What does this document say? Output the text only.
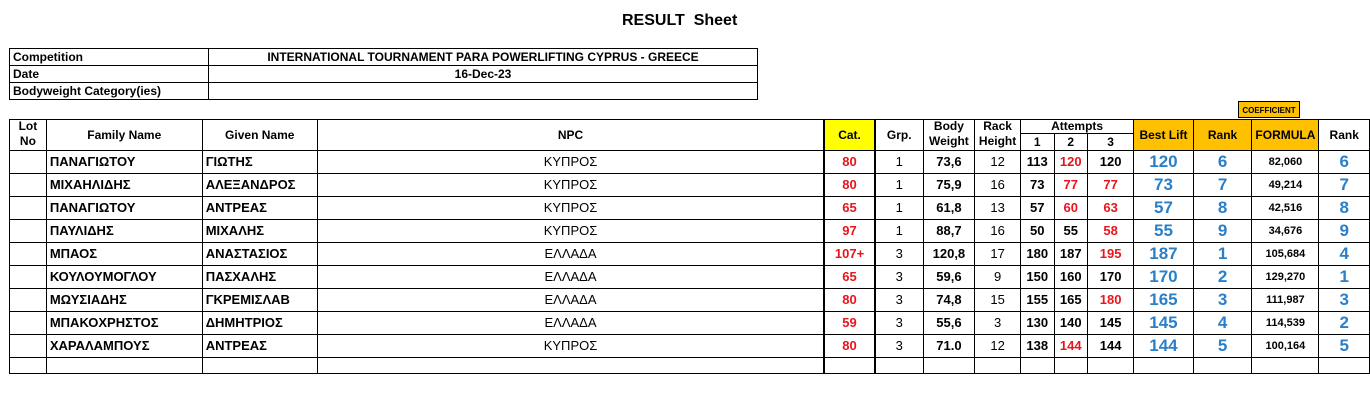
RESULT  Sheet
Competition	INTERNATIONAL TOURNAMENT PARA POWERLIFTING CYPRUS - GREECE
Date	16-Dec-23
Bodyweight Category(ies)	
COEFFICIENT
Lot	Family Name	Given Name	NPC	Cat.	Grp.	Body	Rack	Attempts			Best Lift	Rank	FORMULA	Rank
No						Weight	Height	1	2	3				
	ΠΑΝΑΓΙΩΤΟΥ	ΓΙΩΤΗΣ	ΚΥΠΡΟΣ	80	1	73,6	12	113	120	120	120	6	82,060	6
	ΜΙΧΑΗΛΙΔΗΣ	ΑΛΕΞΑΝΔΡΟΣ	ΚΥΠΡΟΣ	80	1	75,9	16	73	77	77	73	7	49,214	7
	ΠΑΝΑΓΙΩΤΟΥ	ΑΝΤΡΕΑΣ	ΚΥΠΡΟΣ	65	1	61,8	13	57	60	63	57	8	42,516	8
	ΠΑΥΛΙΔΗΣ	ΜΙΧΑΛΗΣ	ΚΥΠΡΟΣ	97	1	88,7	16	50	55	58	55	9	34,676	9
	ΜΠΑΟΣ	ΑΝΑΣΤΑΣΙΟΣ	ΕΛΛΑΔΑ	107+	3	120,8	17	180	187	195	187	1	105,684	4
	ΚΟΥΛΟΥΜΟΓΛΟΥ	ΠΑΣΧΑΛΗΣ	ΕΛΛΑΔΑ	65	3	59,6	9	150	160	170	170	2	129,270	1
	ΜΩΥΣΙΑΔΗΣ	ΓΚΡΕΜΙΣΛΑΒ	ΕΛΛΑΔΑ	80	3	74,8	15	155	165	180	165	3	111,987	3
	ΜΠΑΚΟΧΡΗΣΤΟΣ	ΔΗΜΗΤΡΙΟΣ	ΕΛΛΑΔΑ	59	3	55,6	3	130	140	145	145	4	114,539	2
	ΧΑΡΑΛΑΜΠΟΥΣ	ΑΝΤΡΕΑΣ	ΚΥΠΡΟΣ	80	3	71.0	12	138	144	144	144	5	100,164	5
